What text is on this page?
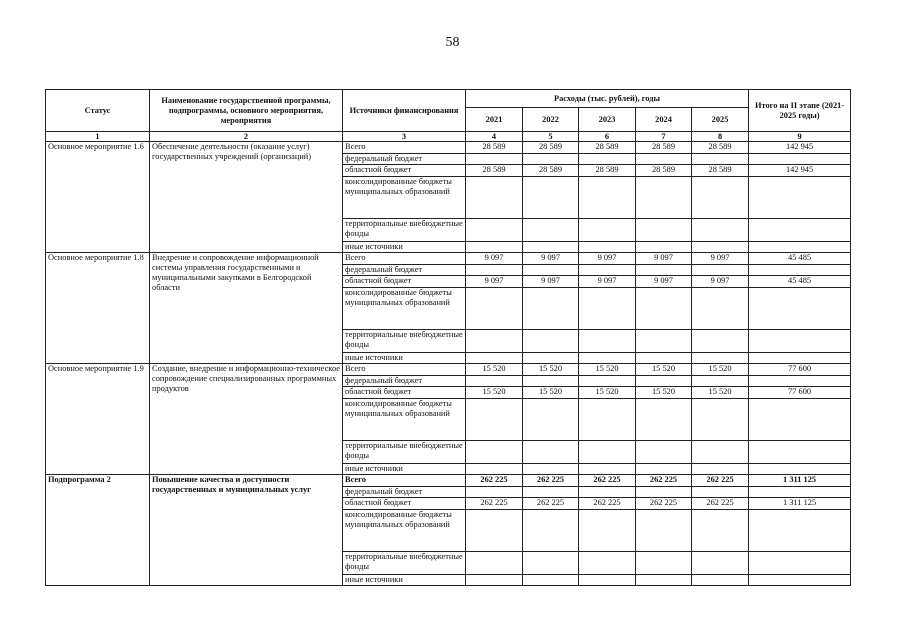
58
Статус	Наименование государственной программы, подпрограммы, основного мероприятия, мероприятия	Источники финансирования	Расходы (тыс. рублей), годы					Итого на II этапе (2021-2025 годы)
			2021	2022	2023	2024	2025	
1	2	3	4	5	6	7	8	9
Основное мероприятие 1.6	Обеспечение деятельности (оказание услуг) государственных учреждений (организаций)	Всего	28 589	28 589	28 589	28 589	28 589	142 945
		федеральный бюджет						
		областной бюджет	28 589	28 589	28 589	28 589	28 589	142 945
		консолидированные бюджеты муниципальных образований						
		территориальные внебюджетные фонды						
		иные источники						
Основное мероприятие 1.8	Внедрение и сопровождение информационной системы управления государственными и муниципальными закупками в Белгородской области	Всего	9 097	9 097	9 097	9 097	9 097	45 485
		федеральный бюджет						
		областной бюджет	9 097	9 097	9 097	9 097	9 097	45 485
		консолидированные бюджеты муниципальных образований						
		территориальные внебюджетные фонды						
		иные источники						
Основное мероприятие 1.9	Создание, внедрение и информационно-техническое сопровождение специализированных программных продуктов	Всего	15 520	15 520	15 520	15 520	15 520	77 600
		федеральный бюджет						
		областной бюджет	15 520	15 520	15 520	15 520	15 520	77 600
		консолидированные бюджеты муниципальных образований						
		территориальные внебюджетные фонды						
		иные источники						
Подпрограмма 2	Повышение качества и доступности государственных и муниципальных услуг	Всего	262 225	262 225	262 225	262 225	262 225	1 311 125
		федеральный бюджет						
		областной бюджет	262 225	262 225	262 225	262 225	262 225	1 311 125
		консолидированные бюджеты муниципальных образований						
		территориальные внебюджетные фонды						
		иные источники						
